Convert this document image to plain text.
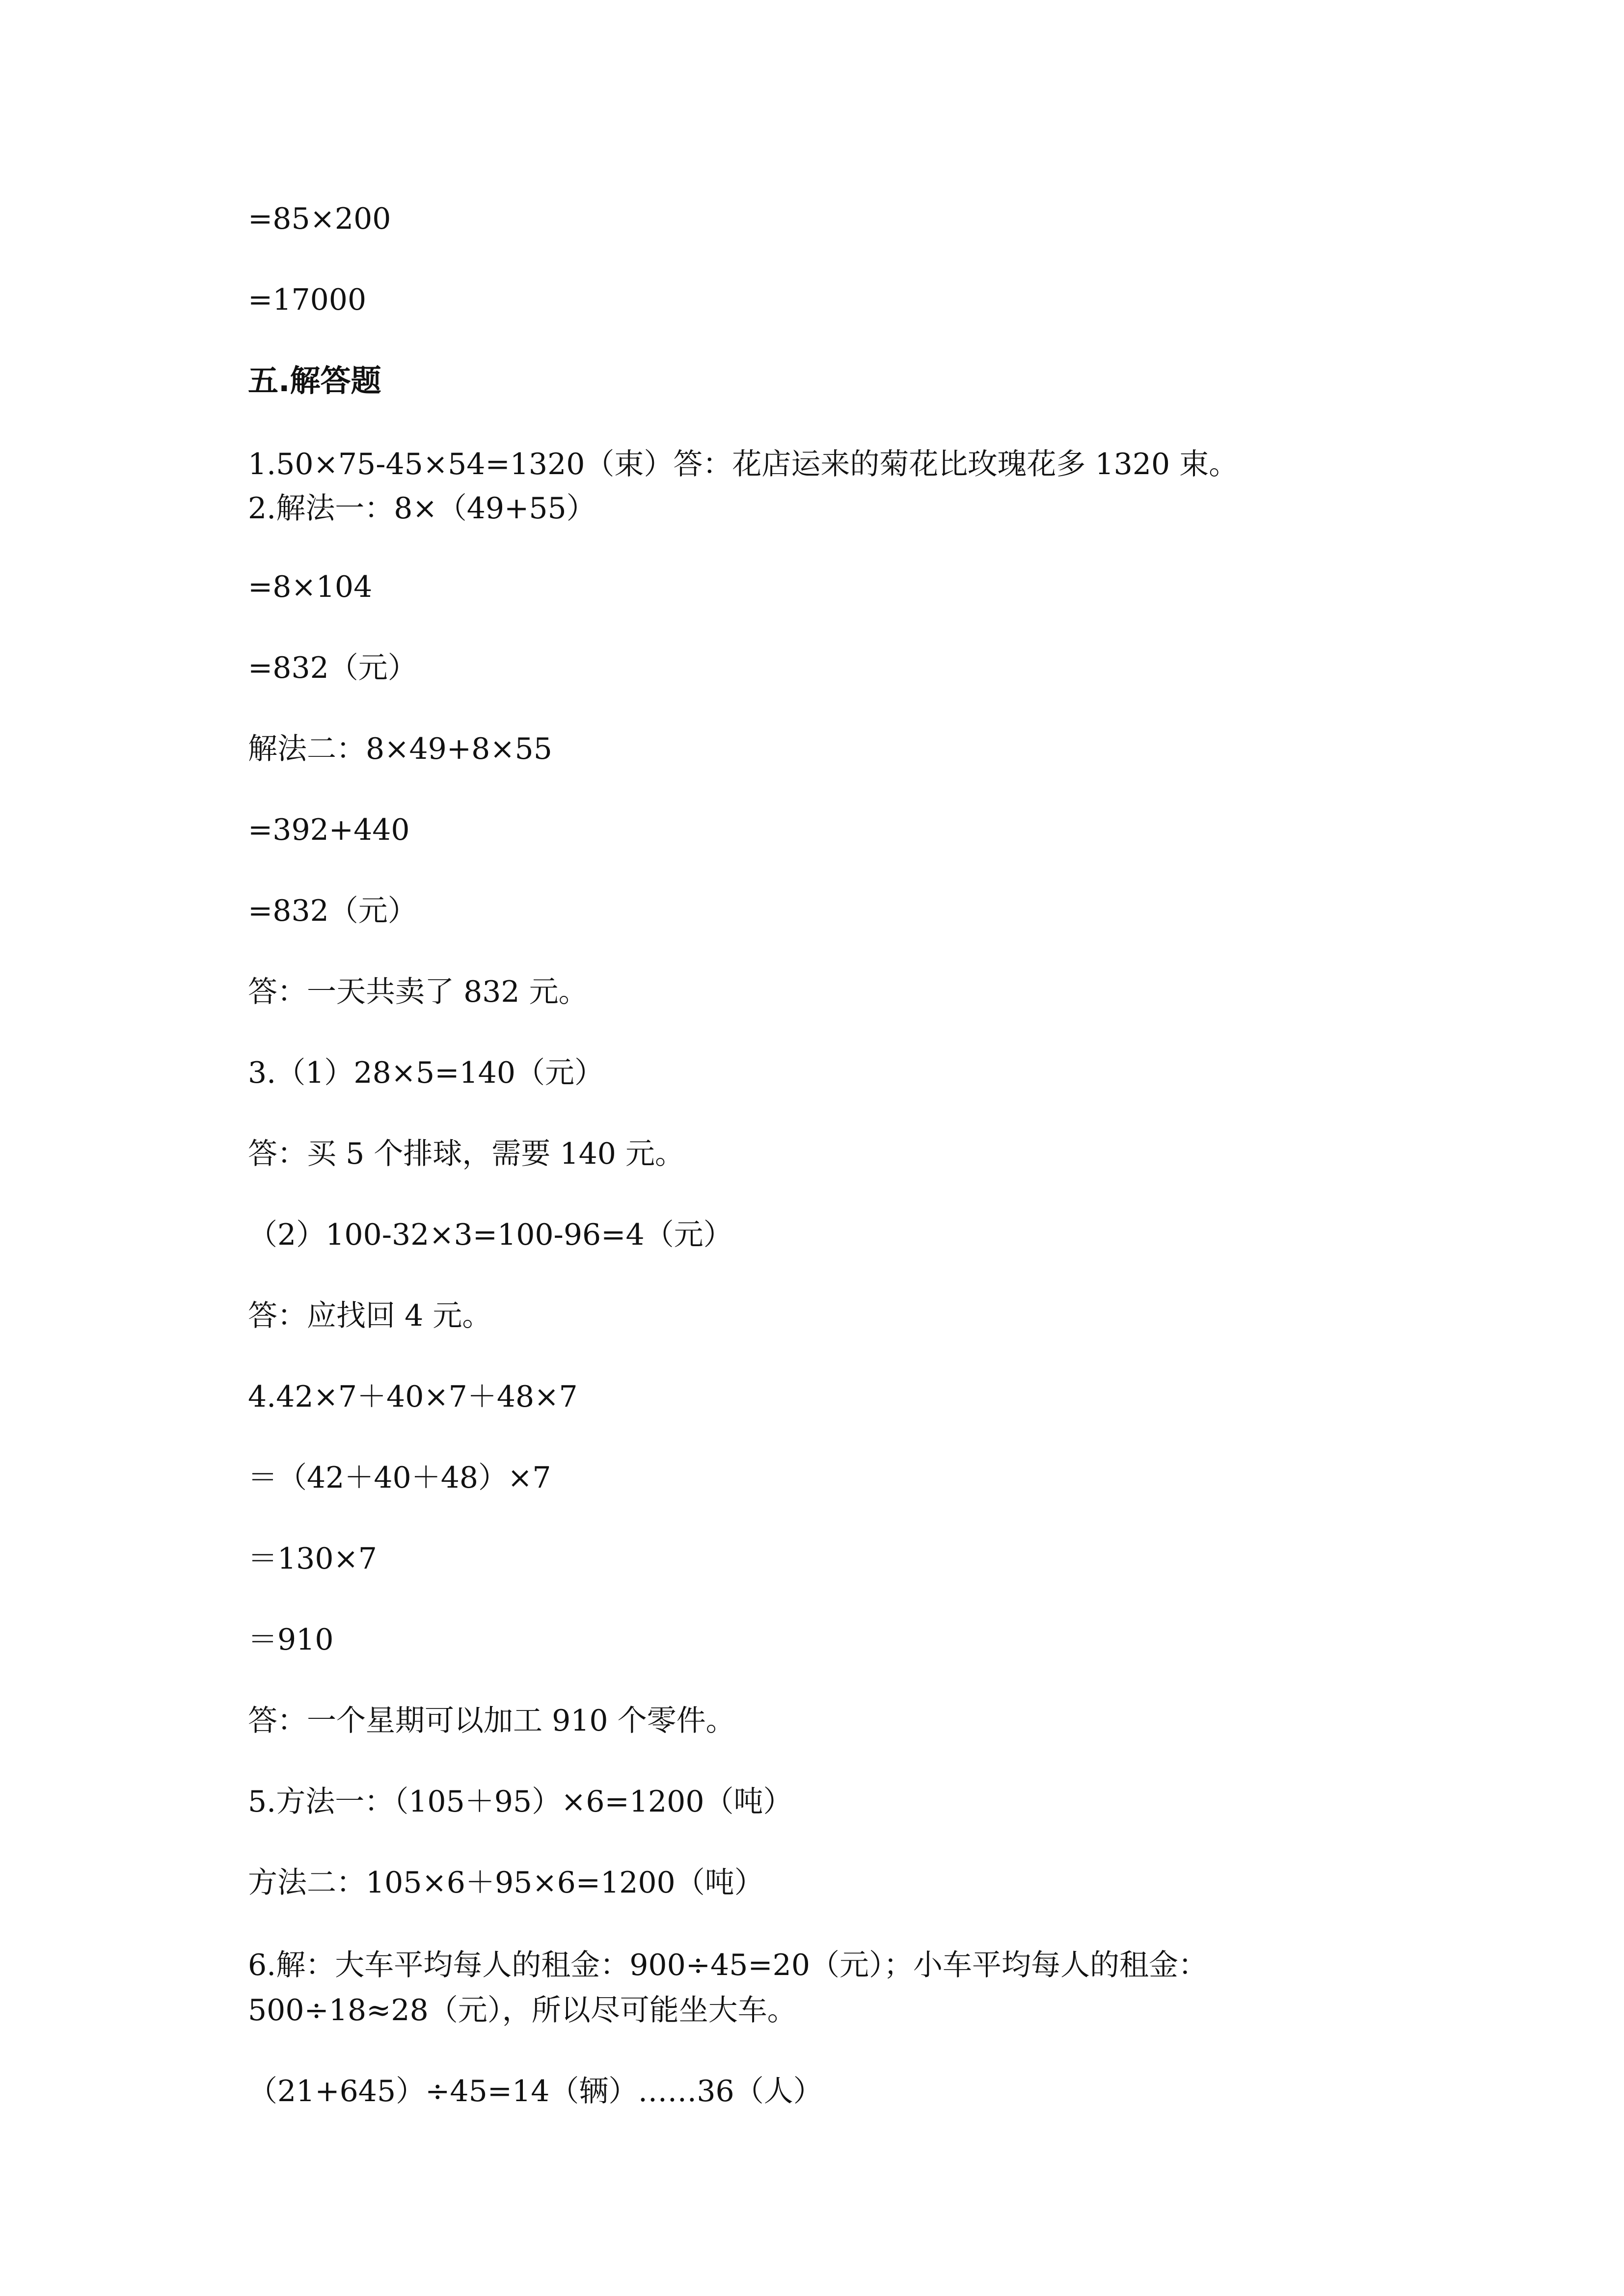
=85×200
=17000
五.解答题
1.50×75-45×54=1320（束）答：花店运来的菊花比玫瑰花多 1320 束。
2.解法一：8×（49+55）
=8×104
=832（元）
解法二：8×49+8×55
=392+440
=832（元）
答：一天共卖了 832 元。
3.（1）28×5=140（元）
答：买 5 个排球，需要 140 元。
（2）100-32×3=100-96=4（元）
答：应找回 4 元。
4.42×7＋40×7＋48×7
＝（42＋40＋48）×7
＝130×7
＝910
答：一个星期可以加工 910 个零件。
5.方法一：（105＋95）×6=1200（吨）
方法二：105×6＋95×6=1200（吨）
6.解：大车平均每人的租金：900÷45=20（元）；小车平均每人的租金：
500÷18≈28（元），所以尽可能坐大车。
（21+645）÷45=14（辆）……36（人）
